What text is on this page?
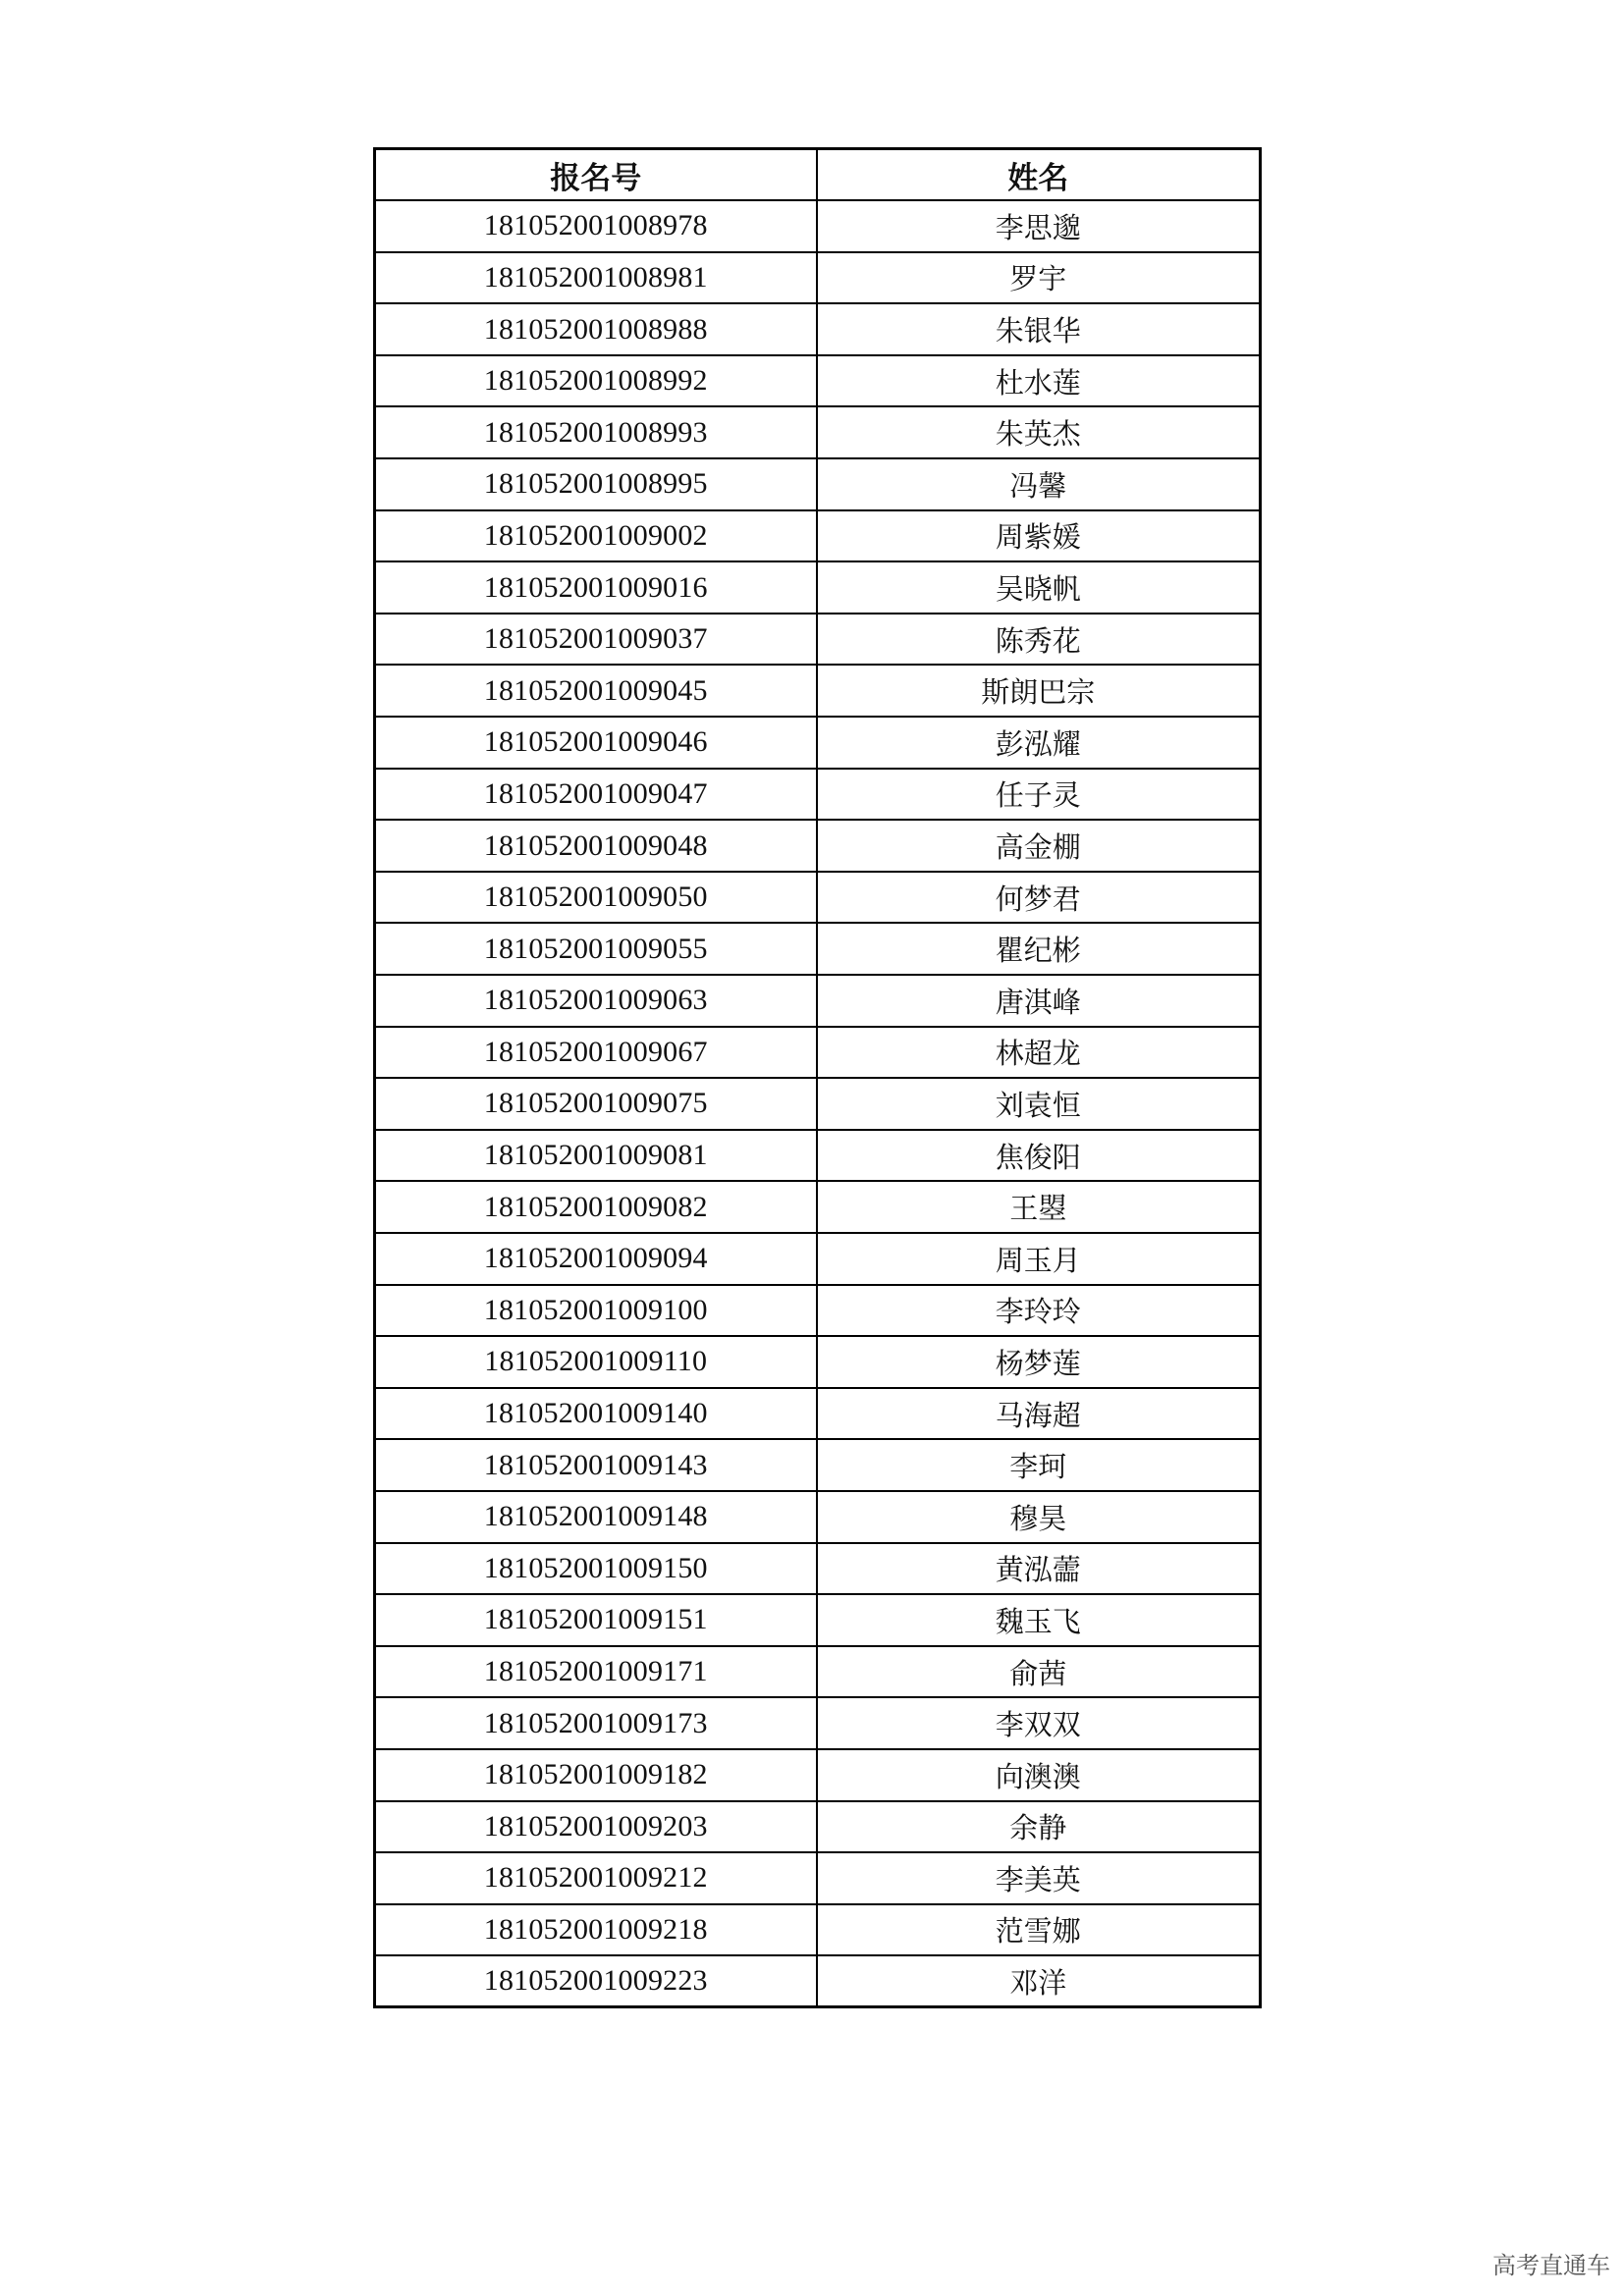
报名号	姓名
181052001008978	李思邈
181052001008981	罗宇
181052001008988	朱银华
181052001008992	杜水莲
181052001008993	朱英杰
181052001008995	冯馨
181052001009002	周紫媛
181052001009016	吴晓帆
181052001009037	陈秀花
181052001009045	斯朗巴宗
181052001009046	彭泓耀
181052001009047	任子灵
181052001009048	高金棚
181052001009050	何梦君
181052001009055	瞿纪彬
181052001009063	唐淇峰
181052001009067	林超龙
181052001009075	刘袁恒
181052001009081	焦俊阳
181052001009082	王曌
181052001009094	周玉月
181052001009100	李玲玲
181052001009110	杨梦莲
181052001009140	马海超
181052001009143	李珂
181052001009148	穆昊
181052001009150	黄泓蘦
181052001009151	魏玉飞
181052001009171	俞茜
181052001009173	李双双
181052001009182	向澳澳
181052001009203	余静
181052001009212	李美英
181052001009218	范雪娜
181052001009223	邓洋
高考直通车
